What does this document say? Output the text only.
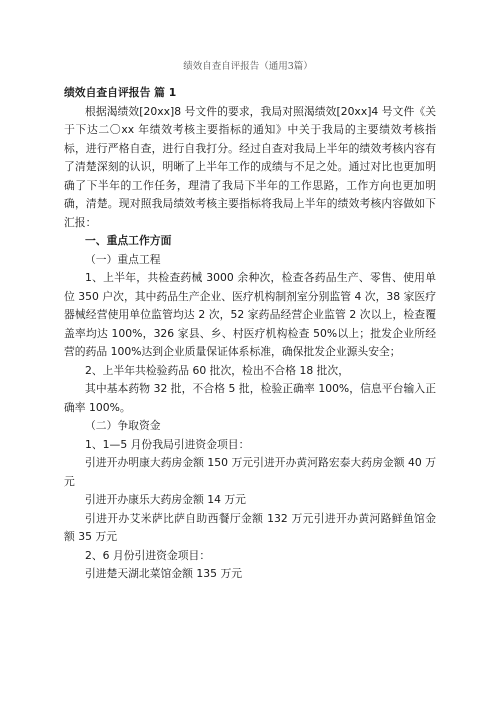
绩效自查自评报告（通用3篇）

绩效自查自评报告 篇 1

根据渴绩效[20xx]8 号文件的要求，我局对照渴绩效[20xx]4 号文件《关于下达二〇xx 年绩效考核主要指标的通知》中关于我局的主要绩效考核指标，进行严格自查，进行自我打分。经过自查对我局上半年的绩效考核内容有了清楚深刻的认识，明晰了上半年工作的成绩与不足之处。通过对比也更加明确了下半年的工作任务，理清了我局下半年的工作思路，工作方向也更加明确，清楚。现对照我局绩效考核主要指标将我局上半年的绩效考核内容做如下汇报：

一、重点工作方面

（一）重点工程

1、上半年，共检查药械 3000 余种次，检查各药品生产、零售、使用单位 350 户次，其中药品生产企业、医疗机构制剂室分别监管 4 次，38 家医疗器械经营使用单位监管均达 2 次，52 家药品经营企业监管 2 次以上，检查覆盖率均达 100%，326 家县、乡、村医疗机构检查 50%以上；批发企业所经营的药品 100%达到企业质量保证体系标准，确保批发企业源头安全；

2、上半年共检验药品 60 批次，检出不合格 18 批次，

其中基本药物 32 批，不合格 5 批，检验正确率 100%，信息平台输入正确率 100%。

（二）争取资金

1、1—5 月份我局引进资金项目：

引进开办明康大药房金额 150 万元引进开办黄河路宏泰大药房金额 40 万元

引进开办康乐大药房金额 14 万元

引进开办艾米萨比萨自助西餐厅金额 132 万元引进开办黄河路鲜鱼馆金额 35 万元

2、6 月份引进资金项目：

引进楚天湖北菜馆金额 135 万元
